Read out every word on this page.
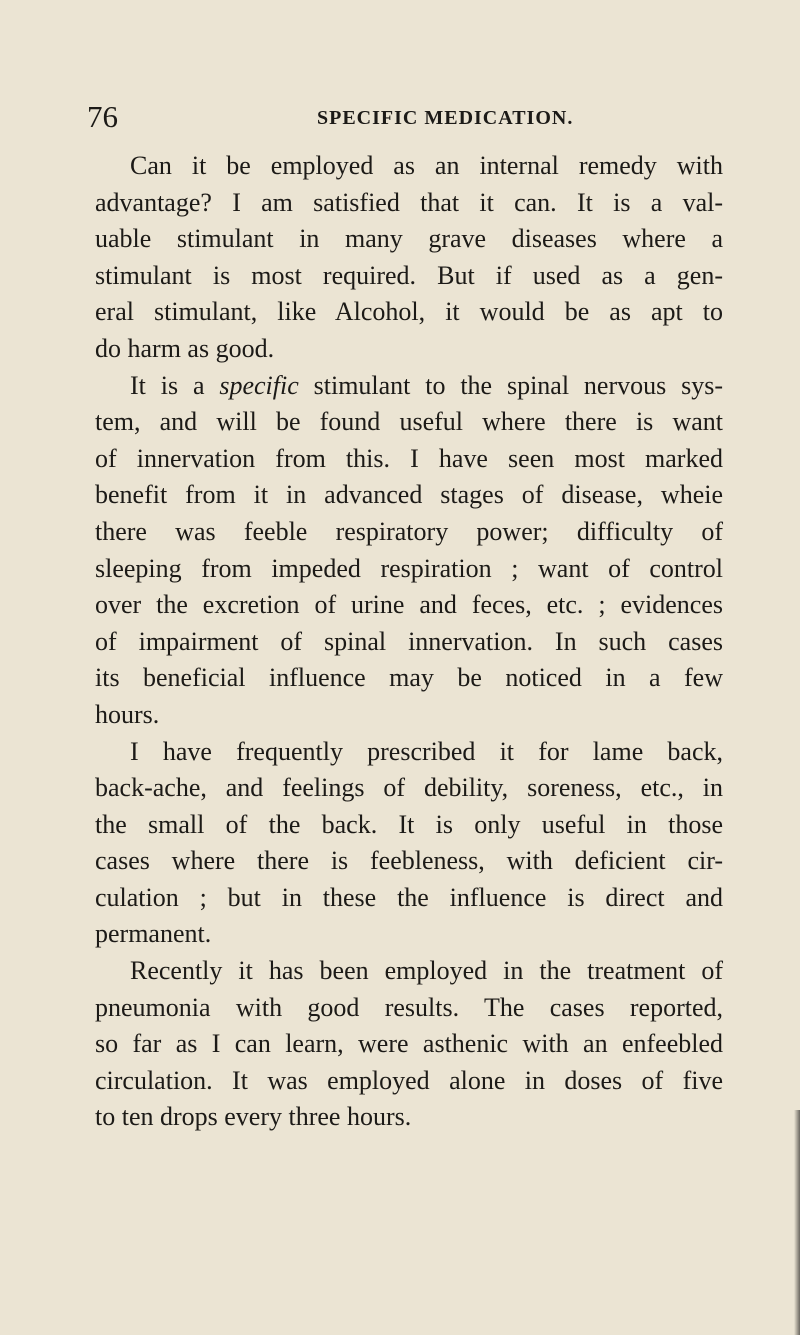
76	SPECIFIC MEDICATION.
Can it be employed as an internal remedy with
advantage? I am satisfied that it can. It is a val-
uable stimulant in many grave diseases where a
stimulant is most required. But if used as a gen-
eral stimulant, like Alcohol, it would be as apt to
do harm as good.
It is a specific stimulant to the spinal nervous sys-
tem, and will be found useful where there is want
of innervation from this. I have seen most marked
benefit from it in advanced stages of disease, wheie
there was feeble respiratory power; difficulty of
sleeping from impeded respiration ; want of control
over the excretion of urine and feces, etc. ; evidences
of impairment of spinal innervation. In such cases
its beneficial influence may be noticed in a few
hours.
I have frequently prescribed it for lame back,
back-ache, and feelings of debility, soreness, etc., in
the small of the back. It is only useful in those
cases where there is feebleness, with deficient cir-
culation ; but in these the influence is direct and
permanent.
Recently it has been employed in the treatment of
pneumonia with good results. The cases reported,
so far as I can learn, were asthenic with an enfeebled
circulation. It was employed alone in doses of five
to ten drops every three hours.
